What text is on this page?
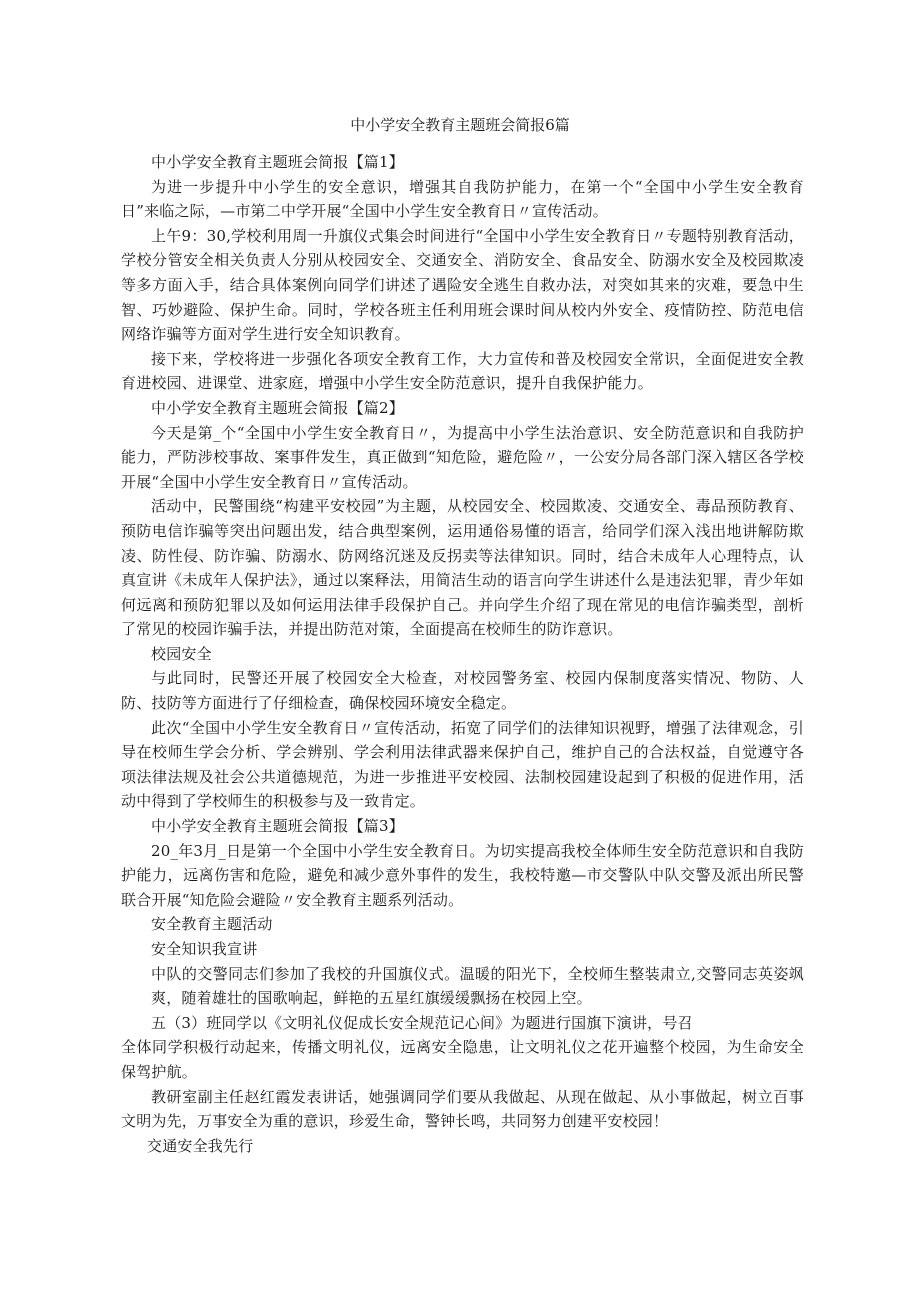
中小学安全教育主题班会简报6篇

中小学安全教育主题班会简报【篇1】

为进一步提升中小学生的安全意识，增强其自我防护能力，在第一个“全国中小学生安全教育日”来临之际，—市第二中学开展“全国中小学生安全教育日〃宣传活动。

上午9：30,学校利用周一升旗仪式集会时间进行“全国中小学生安全教育日〃专题特别教育活动，学校分管安全相关负责人分别从校园安全、交通安全、消防安全、食品安全、防溺水安全及校园欺凌等多方面入手，结合具体案例向同学们讲述了遇险安全逃生自救办法，对突如其来的灾难，要急中生智、巧妙避险、保护生命。同时，学校各班主任利用班会课时间从校内外安全、疫情防控、防范电信网络诈骗等方面对学生进行安全知识教育。

接下来，学校将进一步强化各项安全教育工作，大力宣传和普及校园安全常识，全面促进安全教育进校园、进课堂、进家庭，增强中小学生安全防范意识，提升自我保护能力。

中小学安全教育主题班会简报【篇2】

今天是第_个“全国中小学生安全教育日〃，为提高中小学生法治意识、安全防范意识和自我防护能力，严防涉校事故、案事件发生，真正做到“知危险，避危险〃，一公安分局各部门深入辖区各学校开展“全国中小学生安全教育日〃宣传活动。

活动中，民警围绕“构建平安校园”为主题，从校园安全、校园欺凌、交通安全、毒品预防教育、预防电信诈骗等突出问题出发，结合典型案例，运用通俗易懂的语言，给同学们深入浅出地讲解防欺凌、防性侵、防诈骗、防溺水、防网络沉迷及反拐卖等法律知识。同时，结合未成年人心理特点，认真宣讲《未成年人保护法》，通过以案释法，用简洁生动的语言向学生讲述什么是违法犯罪，青少年如何远离和预防犯罪以及如何运用法律手段保护自己。并向学生介绍了现在常见的电信诈骗类型，剖析了常见的校园诈骗手法，并提出防范对策，全面提高在校师生的防诈意识。

校园安全

与此同时，民警还开展了校园安全大检查，对校园警务室、校园内保制度落实情况、物防、人防、技防等方面进行了仔细检查，确保校园环境安全稳定。

此次“全国中小学生安全教育日〃宣传活动，拓宽了同学们的法律知识视野，增强了法律观念，引导在校师生学会分析、学会辨别、学会利用法律武器来保护自己，维护自己的合法权益，自觉遵守各项法律法规及社会公共道德规范，为进一步推进平安校园、法制校园建设起到了积极的促进作用，活动中得到了学校师生的积极参与及一致肯定。

中小学安全教育主题班会简报【篇3】

20_年3月_日是第一个全国中小学生安全教育日。为切实提高我校全体师生安全防范意识和自我防护能力，远离伤害和危险，避免和减少意外事件的发生，我校特邀—市交警队中队交警及派出所民警联合开展“知危险会避险〃安全教育主题系列活动。

安全教育主题活动

安全知识我宣讲

中队的交警同志们参加了我校的升国旗仪式。温暖的阳光下，全校师生整装肃立,交警同志英姿飒爽，随着雄壮的国歌响起，鲜艳的五星红旗缓缓飘扬在校园上空。

五（3）班同学以《文明礼仪促成长安全规范记心间》为题进行国旗下演讲，号召

全体同学积极行动起来，传播文明礼仪，远离安全隐患，让文明礼仪之花开遍整个校园，为生命安全保驾护航。

教研室副主任赵红霞发表讲话，她强调同学们要从我做起、从现在做起、从小事做起，树立百事文明为先，万事安全为重的意识，珍爱生命，警钟长鸣，共同努力创建平安校园！

交通安全我先行
